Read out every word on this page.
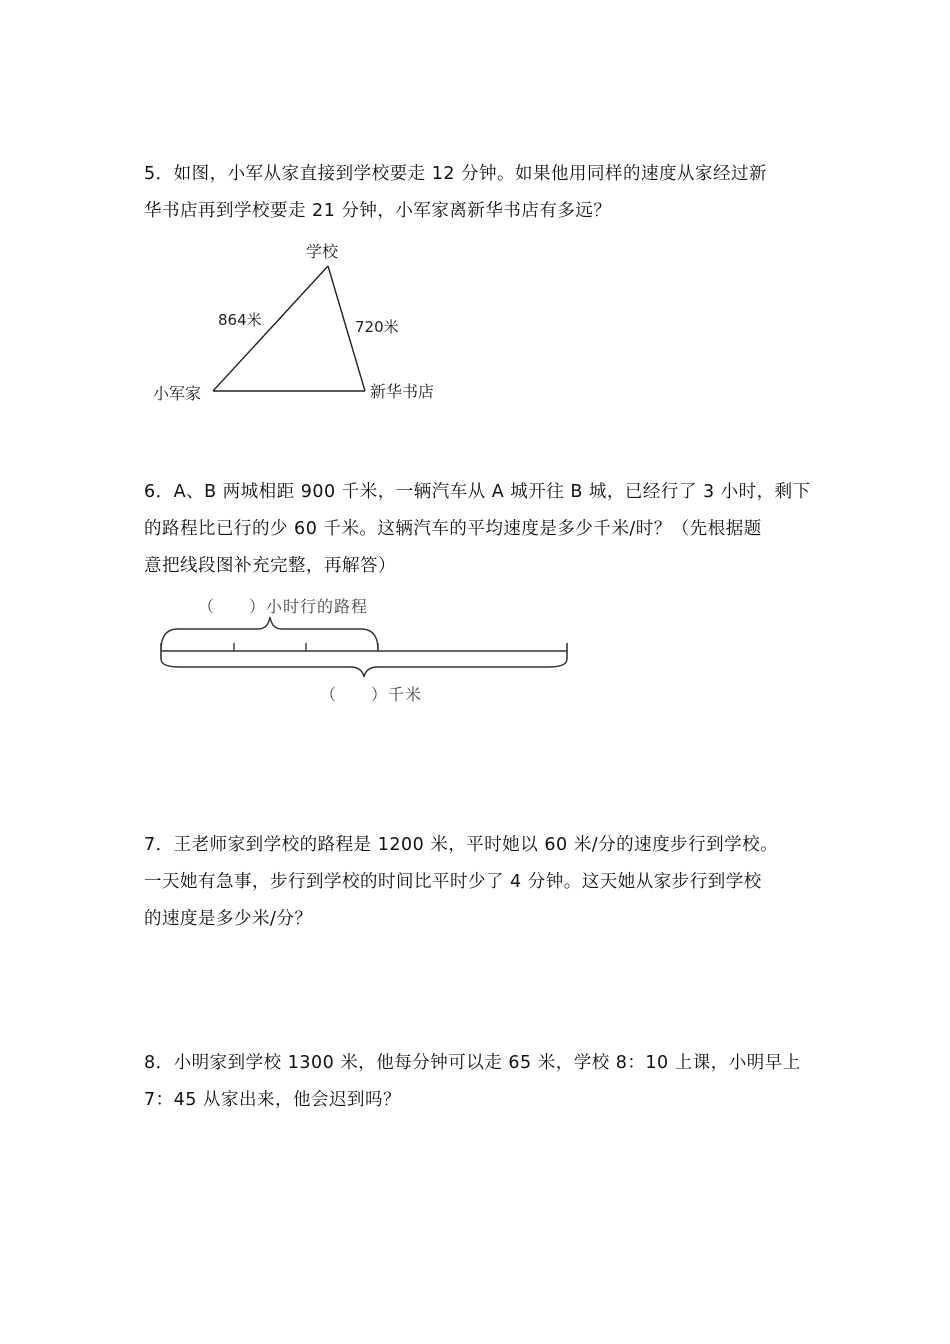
5．如图，小军从家直接到学校要走 12 分钟。如果他用同样的速度从家经过新

华书店再到学校要走 21 分钟，小军家离新华书店有多远？

学校
小军家	新华书店
864米	720米

6．A、B 两城相距 900 千米，一辆汽车从 A 城开往 B 城，已经行了 3 小时，剩下

的路程比已行的少 60 千米。这辆汽车的平均速度是多少千米/时？（先根据题

意把线段图补充完整，再解答）

（　　）小时行的路程
（　　）千米

7．王老师家到学校的路程是 1200 米，平时她以 60 米/分的速度步行到学校。

一天她有急事，步行到学校的时间比平时少了 4 分钟。这天她从家步行到学校

的速度是多少米/分？

8．小明家到学校 1300 米，他每分钟可以走 65 米，学校 8：10 上课，小明早上

7：45 从家出来，他会迟到吗？
